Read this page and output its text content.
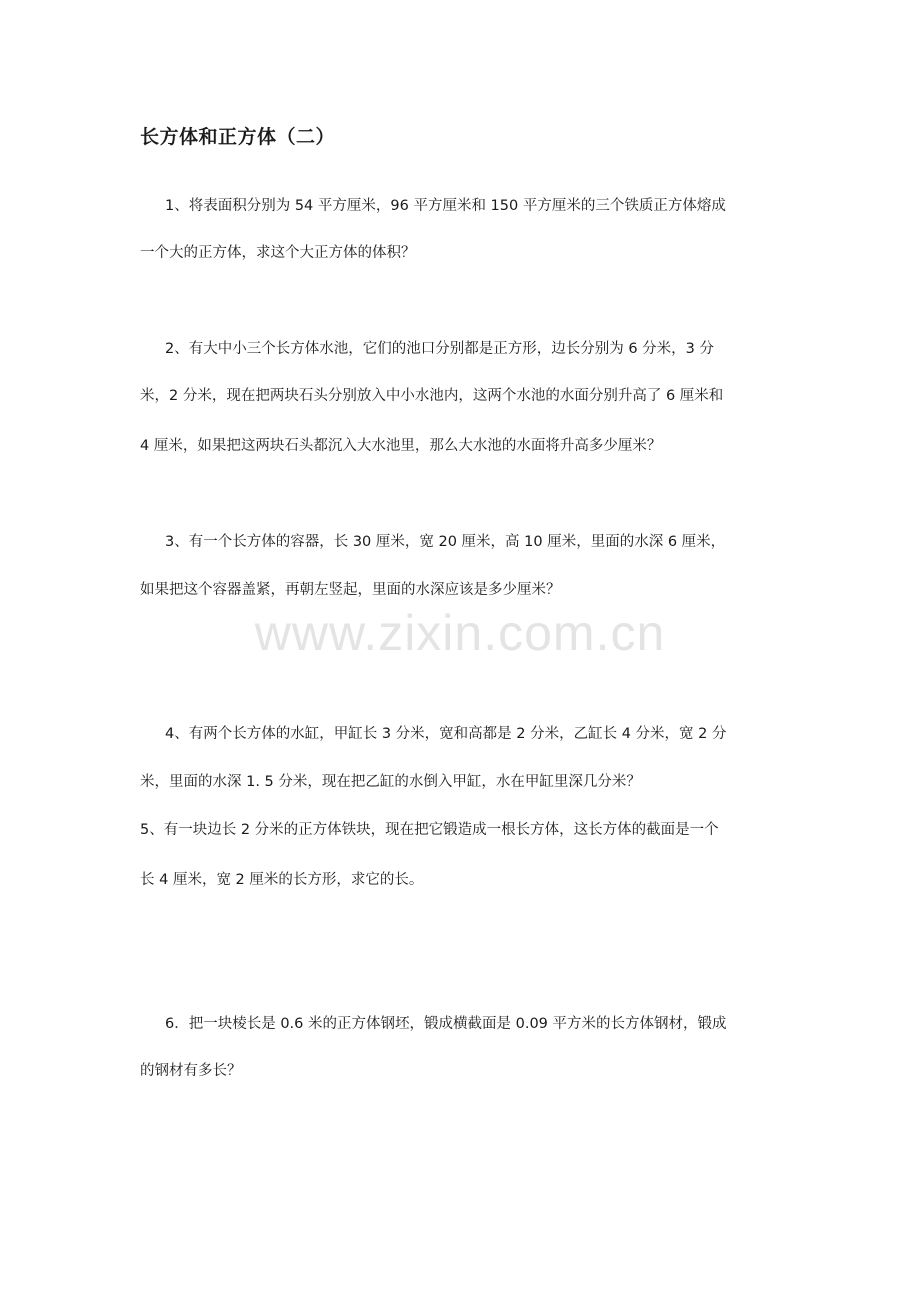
长方体和正方体（二）
1、将表面积分别为 54 平方厘米，96 平方厘米和 150 平方厘米的三个铁质正方体熔成
一个大的正方体，求这个大正方体的体积？
2、有大中小三个长方体水池，它们的池口分别都是正方形，边长分别为 6 分米，3 分
米，2 分米，现在把两块石头分别放入中小水池内，这两个水池的水面分别升高了 6 厘米和
4 厘米，如果把这两块石头都沉入大水池里，那么大水池的水面将升高多少厘米？
3、有一个长方体的容器，长 30 厘米，宽 20 厘米，高 10 厘米，里面的水深 6 厘米，
如果把这个容器盖紧，再朝左竖起，里面的水深应该是多少厘米？
www.zixin.com.cn
4、有两个长方体的水缸，甲缸长 3 分米，宽和高都是 2 分米，乙缸长 4 分米，宽 2 分
米，里面的水深 1. 5 分米，现在把乙缸的水倒入甲缸，水在甲缸里深几分米？
5、有一块边长 2 分米的正方体铁块，现在把它锻造成一根长方体，这长方体的截面是一个
长 4 厘米，宽 2 厘米的长方形，求它的长。
6．把一块棱长是 0.6 米的正方体钢坯，锻成横截面是 0.09 平方米的长方体钢材，锻成
的钢材有多长？
